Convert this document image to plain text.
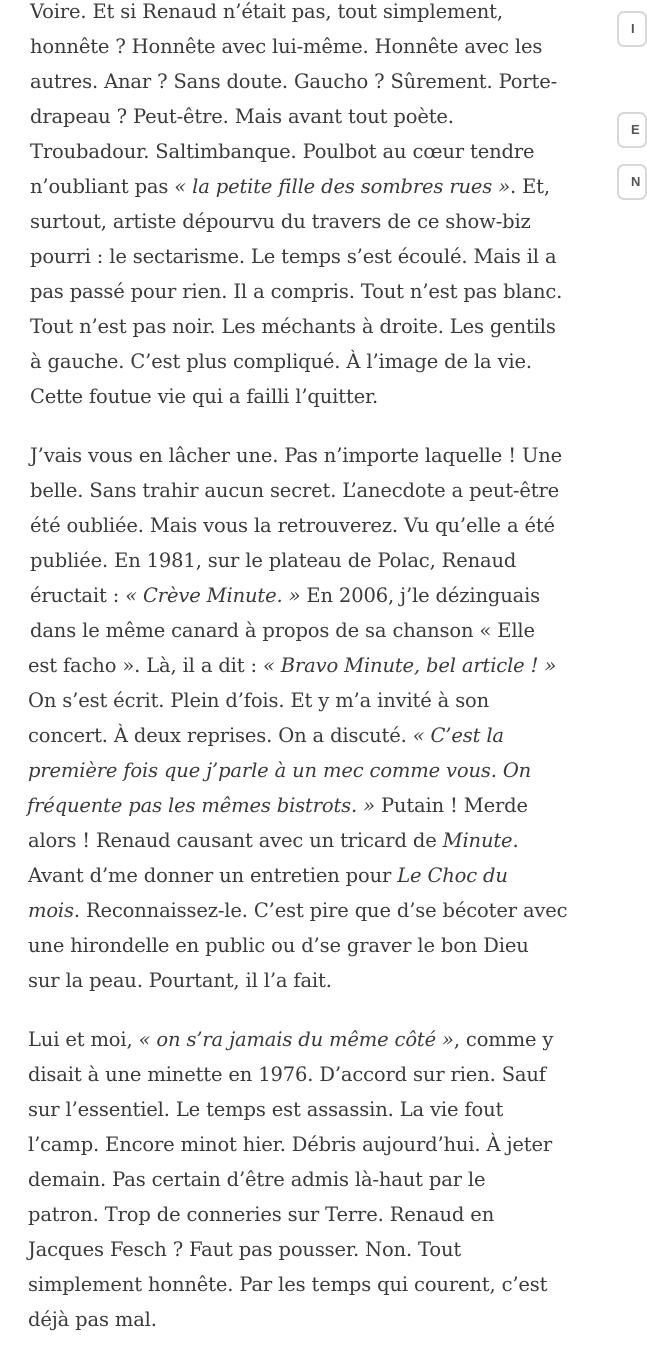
Voire. Et si Renaud n’était pas, tout simplement,
honnête ? Honnête avec lui-même. Honnête avec les
autres. Anar ? Sans doute. Gaucho ? Sûrement. Porte-
drapeau ? Peut-être. Mais avant tout poète.
Troubadour. Saltimbanque. Poulbot au cœur tendre
n’oubliant pas « la petite fille des sombres rues ». Et,
surtout, artiste dépourvu du travers de ce show-biz
pourri : le sectarisme. Le temps s’est écoulé. Mais il a
pas passé pour rien. Il a compris. Tout n’est pas blanc.
Tout n’est pas noir. Les méchants à droite. Les gentils
à gauche. C’est plus compliqué. À l’image de la vie.
Cette foutue vie qui a failli l’quitter.

J’vais vous en lâcher une. Pas n’importe laquelle ! Une
belle. Sans trahir aucun secret. L’anecdote a peut-être
été oubliée. Mais vous la retrouverez. Vu qu’elle a été
publiée. En 1981, sur le plateau de Polac, Renaud
éructait : « Crève Minute. » En 2006, j’le dézinguais
dans le même canard à propos de sa chanson « Elle
est facho ». Là, il a dit : « Bravo Minute, bel article ! »
On s’est écrit. Plein d’fois. Et y m’a invité à son
concert. À deux reprises. On a discuté. « C’est la
première fois que j’parle à un mec comme vous. On
fréquente pas les mêmes bistrots. » Putain ! Merde
alors ! Renaud causant avec un tricard de Minute.
Avant d’me donner un entretien pour Le Choc du
mois. Reconnaissez-le. C’est pire que d’se bécoter avec
une hirondelle en public ou d’se graver le bon Dieu
sur la peau. Pourtant, il l’a fait.

Lui et moi, « on s’ra jamais du même côté », comme y
disait à une minette en 1976. D’accord sur rien. Sauf
sur l’essentiel. Le temps est assassin. La vie fout
l’camp. Encore minot hier. Débris aujourd’hui. À jeter
demain. Pas certain d’être admis là-haut par le
patron. Trop de conneries sur Terre. Renaud en
Jacques Fesch ? Faut pas pousser. Non. Tout
simplement honnête. Par les temps qui courent, c’est
déjà pas mal.

I
E
N
